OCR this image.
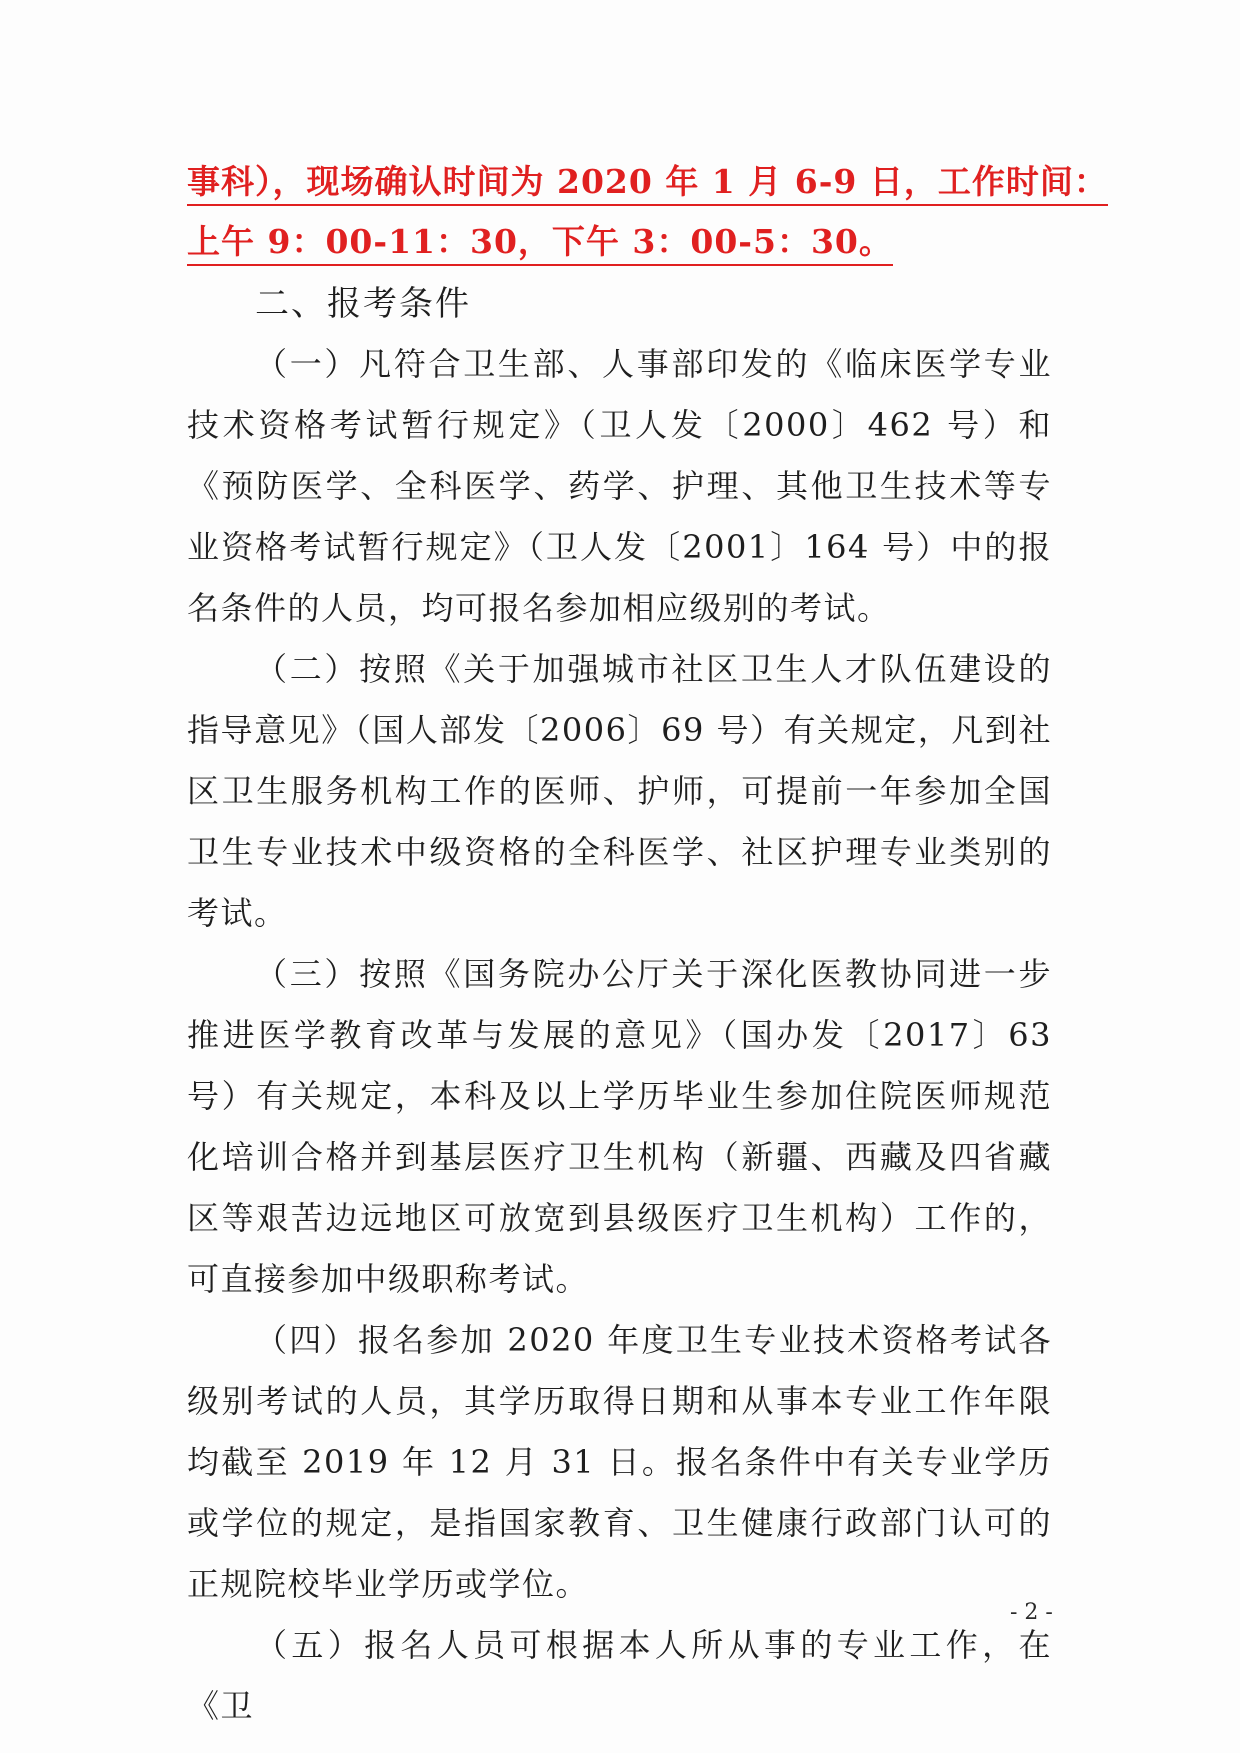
事科），现场确认时间为 2020 年 1 月 6-9 日，工作时间：
上午 9：00-11：30，下午 3：00-5：30。
二、报考条件

（一）凡符合卫生部、人事部印发的《临床医学专业技术资格考试暂行规定》（卫人发〔2000〕462 号）和《预防医学、全科医学、药学、护理、其他卫生技术等专业资格考试暂行规定》（卫人发〔2001〕164 号）中的报名条件的人员，均可报名参加相应级别的考试。

（二）按照《关于加强城市社区卫生人才队伍建设的指导意见》（国人部发〔2006〕69 号）有关规定，凡到社区卫生服务机构工作的医师、护师，可提前一年参加全国卫生专业技术中级资格的全科医学、社区护理专业类别的考试。

（三）按照《国务院办公厅关于深化医教协同进一步推进医学教育改革与发展的意见》（国办发〔2017〕63 号）有关规定，本科及以上学历毕业生参加住院医师规范化培训合格并到基层医疗卫生机构（新疆、西藏及四省藏区等艰苦边远地区可放宽到县级医疗卫生机构）工作的，可直接参加中级职称考试。

（四）报名参加 2020 年度卫生专业技术资格考试各级别考试的人员，其学历取得日期和从事本专业工作年限均截至 2019 年 12 月 31 日。报名条件中有关专业学历或学位的规定，是指国家教育、卫生健康行政部门认可的正规院校毕业学历或学位。

（五）报名人员可根据本人所从事的专业工作，在《卫

- 2 -
